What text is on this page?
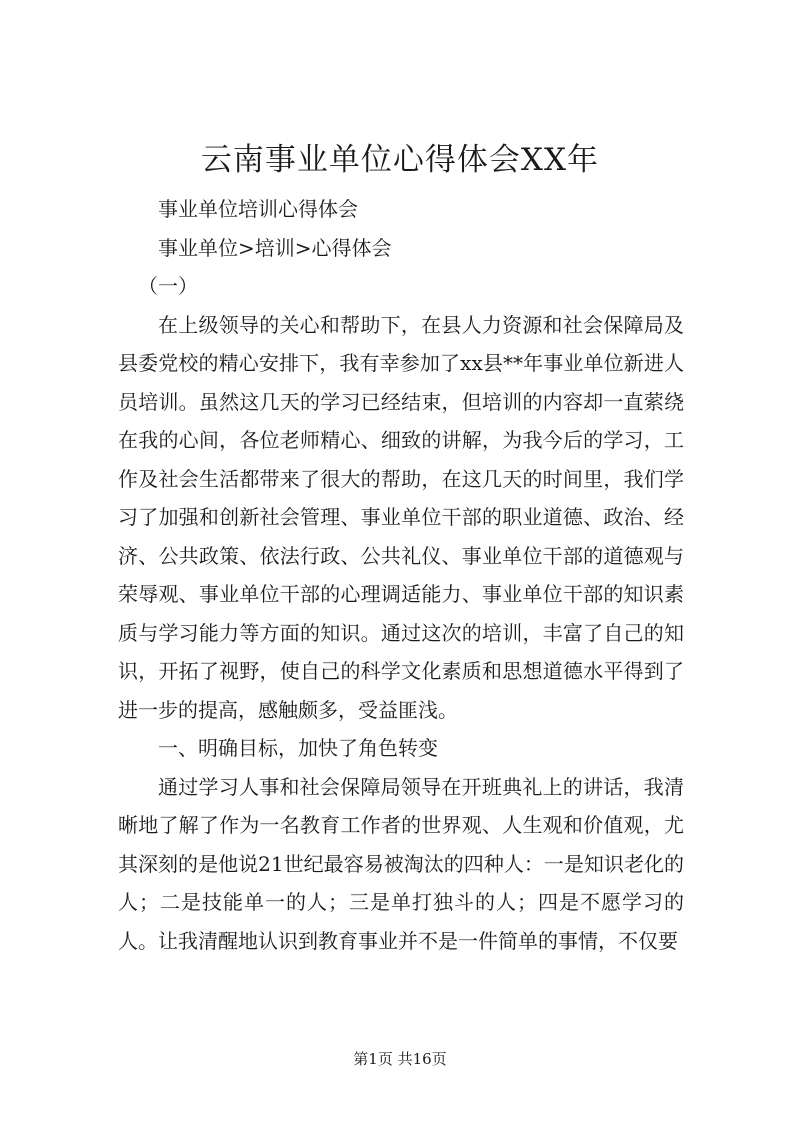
云南事业单位心得体会XX年

事业单位培训心得体会

事业单位>培训>心得体会

（一）

在上级领导的关心和帮助下，在县人力资源和社会保障局及县委党校的精心安排下，我有幸参加了xx县**年事业单位新进人员培训。虽然这几天的学习已经结束，但培训的内容却一直萦绕在我的心间，各位老师精心、细致的讲解，为我今后的学习，工作及社会生活都带来了很大的帮助，在这几天的时间里，我们学习了加强和创新社会管理、事业单位干部的职业道德、政治、经济、公共政策、依法行政、公共礼仪、事业单位干部的道德观与荣辱观、事业单位干部的心理调适能力、事业单位干部的知识素质与学习能力等方面的知识。通过这次的培训，丰富了自己的知识，开拓了视野，使自己的科学文化素质和思想道德水平得到了进一步的提高，感触颇多，受益匪浅。

一、明确目标，加快了角色转变

通过学习人事和社会保障局领导在开班典礼上的讲话，我清晰地了解了作为一名教育工作者的世界观、人生观和价值观，尤其深刻的是他说21世纪最容易被淘汰的四种人：一是知识老化的人；二是技能单一的人；三是单打独斗的人；四是不愿学习的人。让我清醒地认识到教育事业并不是一件简单的事情，不仅要

第1页 共16页
